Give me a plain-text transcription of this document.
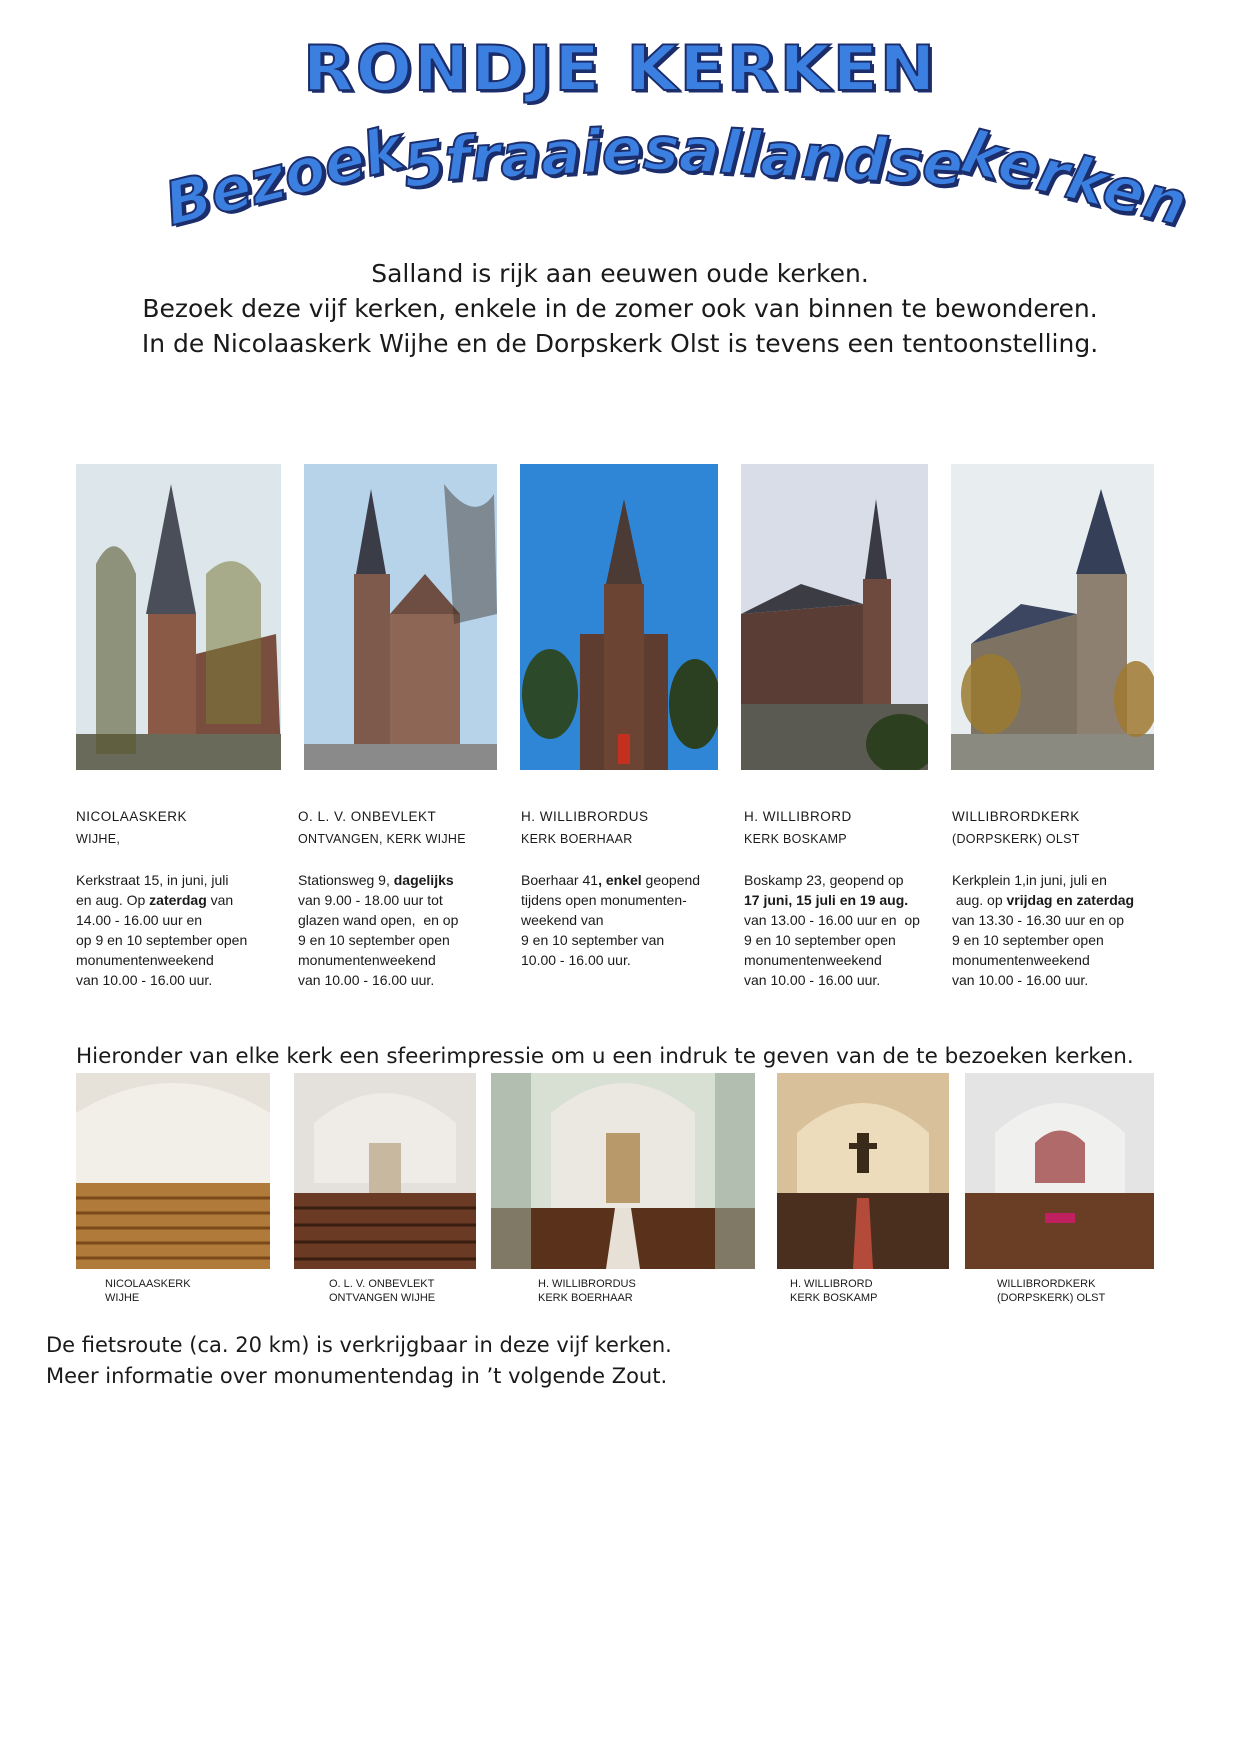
RONDJE KERKEN
Bezoek
5
fraaie
sallandse
kerken
Salland is rijk aan eeuwen oude kerken.
Bezoek deze vijf kerken, enkele in de zomer ook van binnen te bewonderen.
In de Nicolaaskerk Wijhe en de Dorpskerk Olst is tevens een tentoonstelling.
NICOLAASKERK
WIJHE,
Kerkstraat 15, in juni, juli
en aug. Op zaterdag van
14.00 - 16.00 uur en
op 9 en 10 september open
monumentenweekend
van 10.00 - 16.00 uur.
O. L. V. ONBEVLEKT
ONTVANGEN, KERK WIJHE
Stationsweg 9, dagelijks
van 9.00 - 18.00 uur tot
glazen wand open,  en op
9 en 10 september open
monumentenweekend
van 10.00 - 16.00 uur.
H. WILLIBRORDUS
KERK BOERHAAR
Boerhaar 41, enkel geopend
tijdens open monumenten-
weekend van
9 en 10 september van
10.00 - 16.00 uur.
H. WILLIBRORD
KERK BOSKAMP
Boskamp 23, geopend op
17 juni, 15 juli en 19 aug.
van 13.00 - 16.00 uur en  op
9 en 10 september open
monumentenweekend
van 10.00 - 16.00 uur.
WILLIBRORDKERK
(DORPSKERK) OLST
Kerkplein 1,in juni, juli en
aug. op vrijdag en zaterdag
van 13.30 - 16.30 uur en op
9 en 10 september open
monumentenweekend
van 10.00 - 16.00 uur.
Hieronder van elke kerk een sfeerimpressie om u een indruk te geven van de te bezoeken kerken.
NICOLAASKERK
WIJHE
O. L. V. ONBEVLEKT
ONTVANGEN WIJHE
H. WILLIBRORDUS
KERK BOERHAAR
H. WILLIBRORD
KERK BOSKAMP
WILLIBRORDKERK
(DORPSKERK) OLST
De fietsroute (ca. 20 km) is verkrijgbaar in deze vijf kerken.
Meer informatie over monumentendag in ’t volgende Zout.
